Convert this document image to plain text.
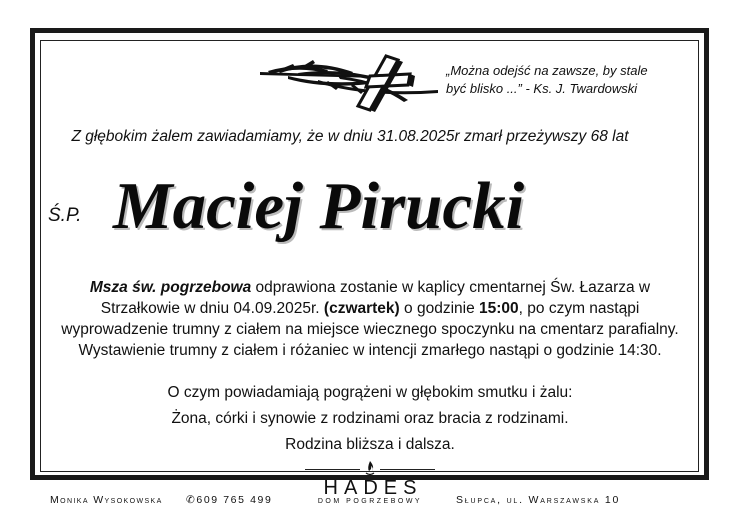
„Można odejść na zawsze, by stale
być blisko ...” - Ks. J. Twardowski
Z głębokim żalem zawiadamiamy, że w dniu 31.08.2025r zmarł przeżywszy 68 lat
Ś.P. Maciej Pirucki
Msza św. pogrzebowa odprawiona zostanie w kaplicy cmentarnej Św. Łazarza w Strzałkowie w dniu 04.09.2025r. (czwartek) o godzinie 15:00, po czym nastąpi wyprowadzenie trumny z ciałem na miejsce wiecznego spoczynku na cmentarz parafialny. Wystawienie trumny z ciałem i różaniec w intencji zmarłego nastąpi o godzinie 14:30.
O czym powiadamiają pogrążeni w głębokim smutku i żalu:
Żona, córki i synowie z rodzinami oraz bracia z rodzinami.
Rodzina bliższa i dalsza.
Monika Wysokowska ✆609 765 499	Słupca, ul. Warszawska 10
HADES
DOM POGRZEBOWY
